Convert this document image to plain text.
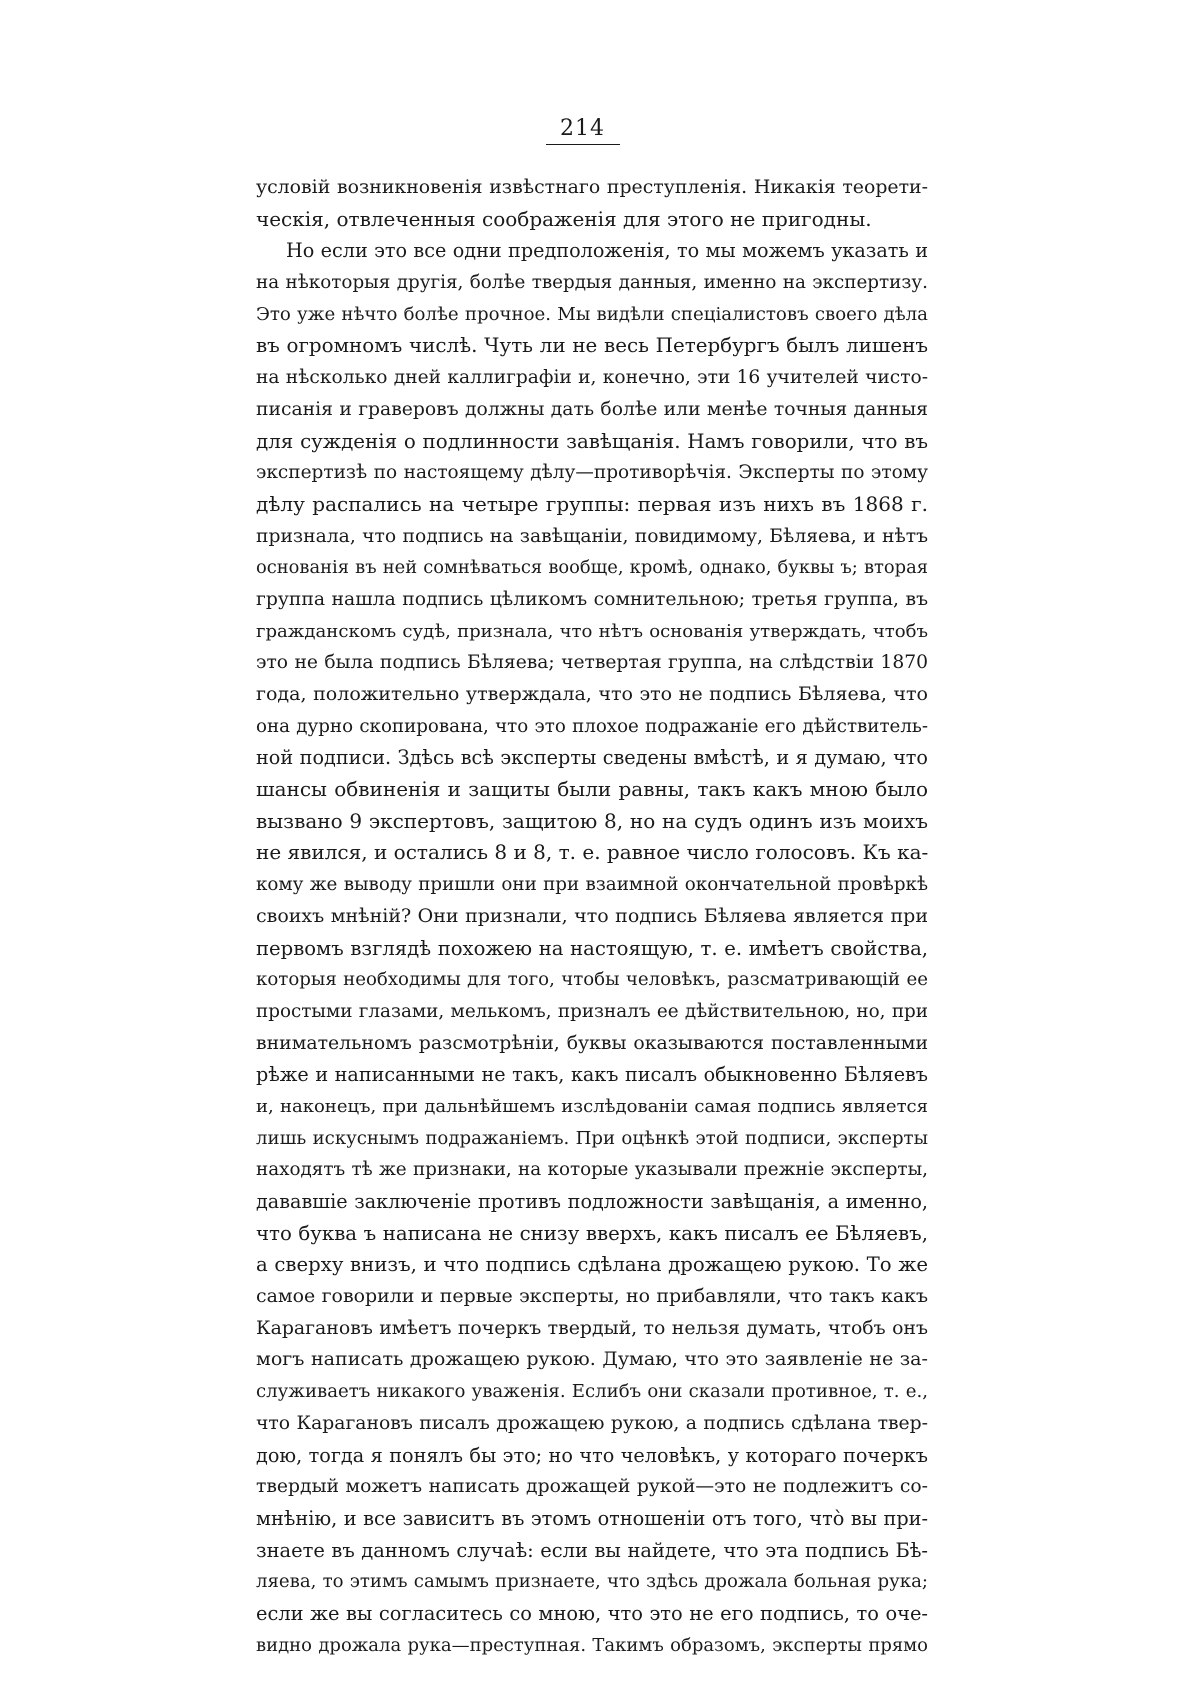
214
условій возникновенія извѣстнаго преступленія. Никакія теорети-
ческія, отвлеченныя соображенія для этого не пригодны.
Но если это все одни предположенія, то мы можемъ указать и
на нѣкоторыя другія, болѣе твердыя данныя, именно на экспертизу.
Это уже нѣчто болѣе прочное. Мы видѣли спеціалистовъ своего дѣла
въ огромномъ числѣ. Чуть ли не весь Петербургъ былъ лишенъ
на нѣсколько дней каллиграфіи и, конечно, эти 16 учителей чисто-
писанія и граверовъ должны дать болѣе или менѣе точныя данныя
для сужденія о подлинности завѣщанія. Намъ говорили, что въ
экспертизѣ по настоящему дѣлу—противорѣчія. Эксперты по этому
дѣлу распались на четыре группы: первая изъ нихъ въ 1868 г.
признала, что подпись на завѣщаніи, повидимому, Бѣляева, и нѣтъ
основанія въ ней сомнѣваться вообще, кромѣ, однако, буквы ъ; вторая
группа нашла подпись цѣликомъ сомнительною; третья группа, въ
гражданскомъ судѣ, признала, что нѣтъ основанія утверждать, чтобъ
это не была подпись Бѣляева; четвертая группа, на слѣдствіи 1870
года, положительно утверждала, что это не подпись Бѣляева, что
она дурно скопирована, что это плохое подражаніе его дѣйствитель-
ной подписи. Здѣсь всѣ эксперты сведены вмѣстѣ, и я думаю, что
шансы обвиненія и защиты были равны, такъ какъ мною было
вызвано 9 экспертовъ, защитою 8, но на судъ одинъ изъ моихъ
не явился, и остались 8 и 8, т. е. равное число голосовъ. Къ ка-
кому же выводу пришли они при взаимной окончательной провѣркѣ
своихъ мнѣній? Они признали, что подпись Бѣляева является при
первомъ взглядѣ похожею на настоящую, т. е. имѣетъ свойства,
которыя необходимы для того, чтобы человѣкъ, разсматривающій ее
простыми глазами, мелькомъ, призналъ ее дѣйствительною, но, при
внимательномъ разсмотрѣніи, буквы оказываются поставленными
рѣже и написанными не такъ, какъ писалъ обыкновенно Бѣляевъ
и, наконецъ, при дальнѣйшемъ изслѣдованіи самая подпись является
лишь искуснымъ подражаніемъ. При оцѣнкѣ этой подписи, эксперты
находятъ тѣ же признаки, на которые указывали прежніе эксперты,
дававшіе заключеніе противъ подложности завѣщанія, а именно,
что буква ъ написана не снизу вверхъ, какъ писалъ ее Бѣляевъ,
а сверху внизъ, и что подпись сдѣлана дрожащею рукою. То же
самое говорили и первые эксперты, но прибавляли, что такъ какъ
Карагановъ имѣетъ почеркъ твердый, то нельзя думать, чтобъ онъ
могъ написать дрожащею рукою. Думаю, что это заявленіе не за-
служиваетъ никакого уваженія. Еслибъ они сказали противное, т. е.,
что Карагановъ писалъ дрожащею рукою, а подпись сдѣлана твер-
дою, тогда я понялъ бы это; но что человѣкъ, у котораго почеркъ
твердый можетъ написать дрожащей рукой—это не подлежитъ со-
мнѣнію, и все зависитъ въ этомъ отношеніи отъ того, что̀ вы при-
знаете въ данномъ случаѣ: если вы найдете, что эта подпись Бѣ-
ляева, то этимъ самымъ признаете, что здѣсь дрожала больная рука;
если же вы согласитесь со мною, что это не его подпись, то оче-
видно дрожала рука—преступная. Такимъ образомъ, эксперты прямо
